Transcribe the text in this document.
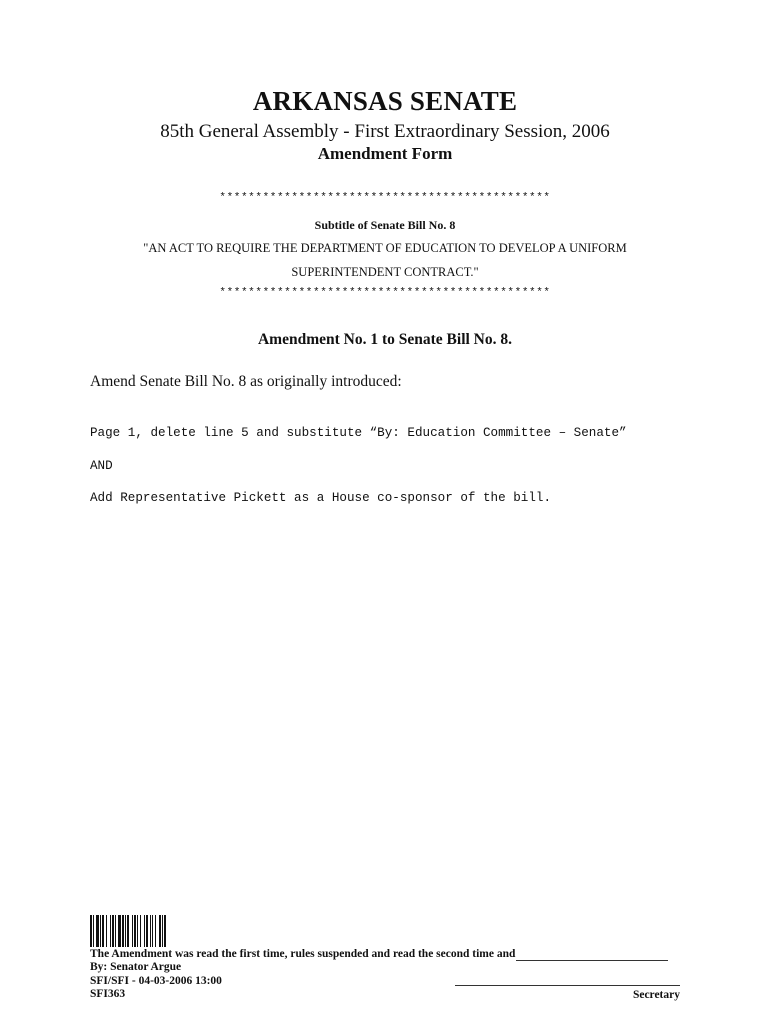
ARKANSAS SENATE
85th General Assembly - First Extraordinary Session, 2006
Amendment Form
**********************************************
Subtitle of Senate Bill No. 8
"AN ACT TO REQUIRE THE DEPARTMENT OF EDUCATION TO DEVELOP A UNIFORM
SUPERINTENDENT CONTRACT."
**********************************************
Amendment No. 1 to Senate Bill No. 8.
Amend Senate Bill No. 8 as originally introduced:
Page 1, delete line 5 and substitute “By: Education Committee – Senate”
AND
Add Representative Pickett as a House co-sponsor of the bill.
The Amendment was read the first time, rules suspended and read the second time and
By: Senator Argue
SFI/SFI - 04-03-2006 13:00
SFI363	Secretary
